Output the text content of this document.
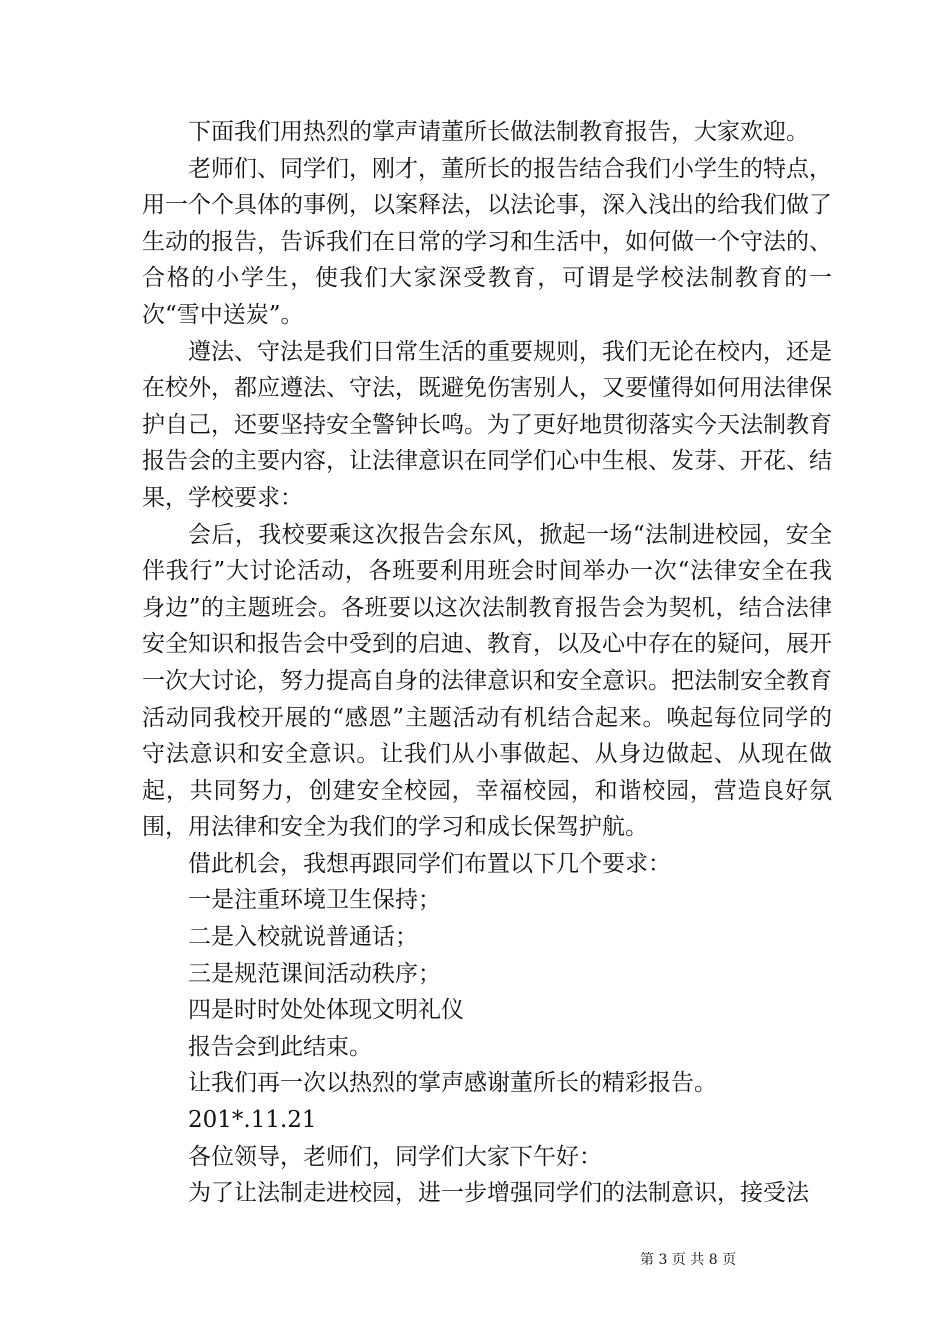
下面我们用热烈的掌声请董所长做法制教育报告，大家欢迎。

老师们、同学们，刚才，董所长的报告结合我们小学生的特点，用一个个具体的事例，以案释法，以法论事，深入浅出的给我们做了生动的报告，告诉我们在日常的学习和生活中，如何做一个守法的、合格的小学生，使我们大家深受教育，可谓是学校法制教育的一次“雪中送炭”。

遵法、守法是我们日常生活的重要规则，我们无论在校内，还是在校外，都应遵法、守法，既避免伤害别人，又要懂得如何用法律保护自己，还要坚持安全警钟长鸣。为了更好地贯彻落实今天法制教育报告会的主要内容，让法律意识在同学们心中生根、发芽、开花、结果，学校要求：

会后，我校要乘这次报告会东风，掀起一场“法制进校园，安全伴我行”大讨论活动，各班要利用班会时间举办一次“法律安全在我身边”的主题班会。各班要以这次法制教育报告会为契机，结合法律安全知识和报告会中受到的启迪、教育，以及心中存在的疑问，展开一次大讨论，努力提高自身的法律意识和安全意识。把法制安全教育活动同我校开展的“感恩”主题活动有机结合起来。唤起每位同学的守法意识和安全意识。让我们从小事做起、从身边做起、从现在做起，共同努力，创建安全校园，幸福校园，和谐校园，营造良好氛围，用法律和安全为我们的学习和成长保驾护航。

借此机会，我想再跟同学们布置以下几个要求：

一是注重环境卫生保持；

二是入校就说普通话；

三是规范课间活动秩序；

四是时时处处体现文明礼仪

报告会到此结束。

让我们再一次以热烈的掌声感谢董所长的精彩报告。

201*.11.21

各位领导，老师们，同学们大家下午好：

为了让法制走进校园，进一步增强同学们的法制意识，接受法

第 3 页 共 8 页
